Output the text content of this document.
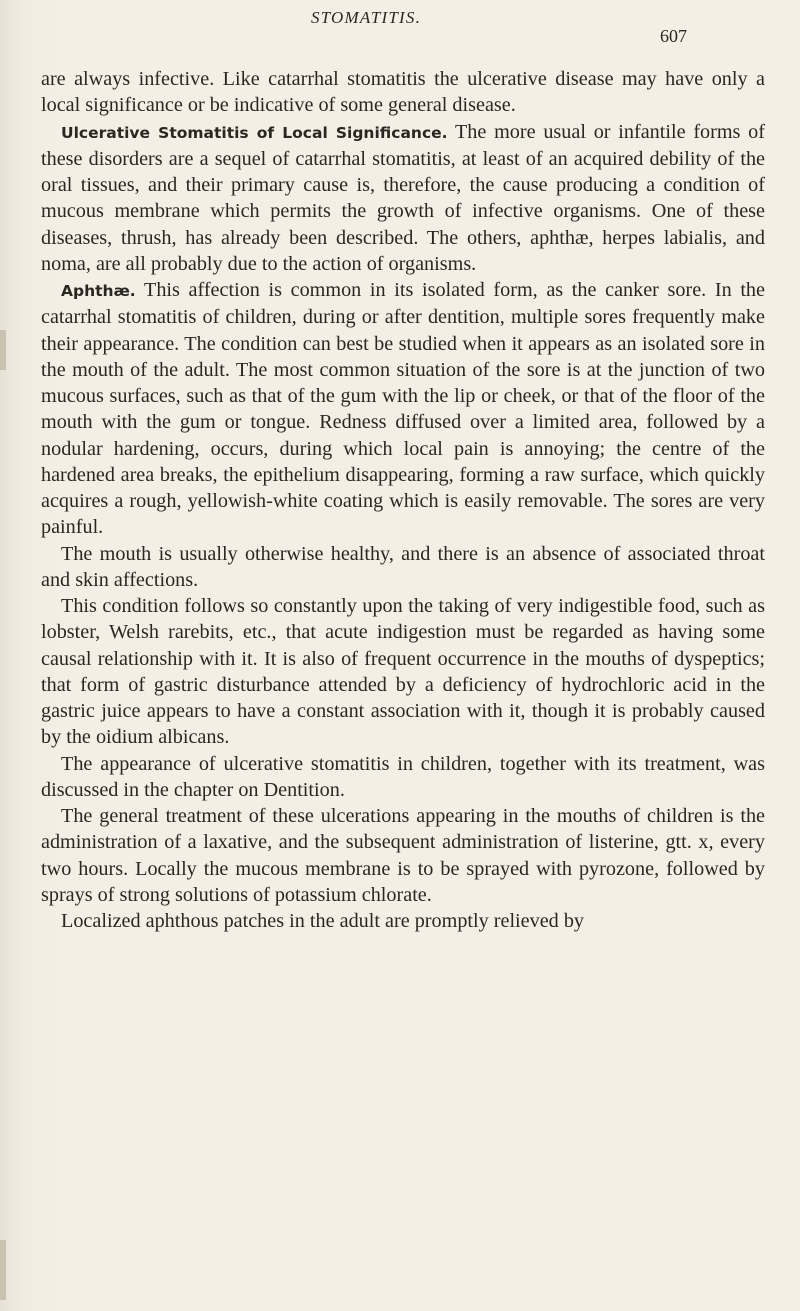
STOMATITIS.
607

are always infective. Like catarrhal stomatitis the ulcerative disease may have only a local significance or be indicative of some general disease.

Ulcerative Stomatitis of Local Significance. The more usual or infantile forms of these disorders are a sequel of catarrhal stomatitis, at least of an acquired debility of the oral tissues, and their primary cause is, therefore, the cause producing a condition of mucous membrane which permits the growth of infective organisms. One of these diseases, thrush, has already been described. The others, aphthæ, herpes labialis, and noma, are all probably due to the action of organisms.

Aphthæ. This affection is common in its isolated form, as the canker sore. In the catarrhal stomatitis of children, during or after dentition, multiple sores frequently make their appearance. The condition can best be studied when it appears as an isolated sore in the mouth of the adult. The most common situation of the sore is at the junction of two mucous surfaces, such as that of the gum with the lip or cheek, or that of the floor of the mouth with the gum or tongue. Redness diffused over a limited area, followed by a nodular hardening, occurs, during which local pain is annoying; the centre of the hardened area breaks, the epithelium disappearing, forming a raw surface, which quickly acquires a rough, yellowish-white coating which is easily removable. The sores are very painful.

The mouth is usually otherwise healthy, and there is an absence of associated throat and skin affections.

This condition follows so constantly upon the taking of very indigestible food, such as lobster, Welsh rarebits, etc., that acute indigestion must be regarded as having some causal relationship with it. It is also of frequent occurrence in the mouths of dyspeptics; that form of gastric disturbance attended by a deficiency of hydrochloric acid in the gastric juice appears to have a constant association with it, though it is probably caused by the oidium albicans.

The appearance of ulcerative stomatitis in children, together with its treatment, was discussed in the chapter on Dentition.

The general treatment of these ulcerations appearing in the mouths of children is the administration of a laxative, and the subsequent administration of listerine, gtt. x, every two hours. Locally the mucous membrane is to be sprayed with pyrozone, followed by sprays of strong solutions of potassium chlorate.

Localized aphthous patches in the adult are promptly relieved by
